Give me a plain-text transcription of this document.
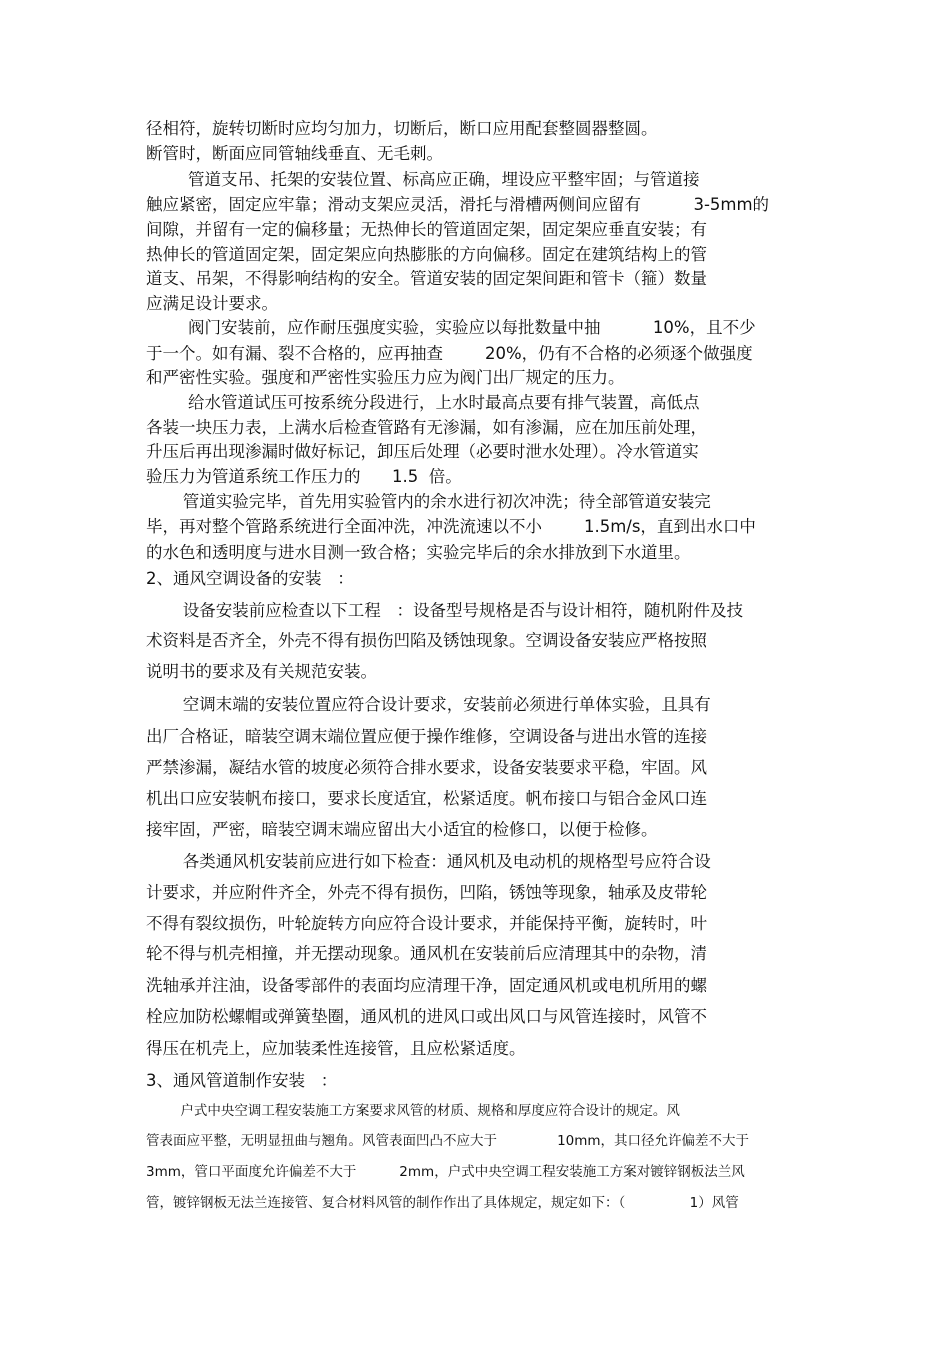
径相符，旋转切断时应均匀加力，切断后，断口应用配套整圆器整圆。
断管时，断面应同管轴线垂直、无毛刺。
管道支吊、托架的安装位置、标高应正确，埋设应平整牢固；与管道接
触应紧密，固定应牢靠；滑动支架应灵活，滑托与滑槽两侧间应留有          3-5mm的
间隙，并留有一定的偏移量；无热伸长的管道固定架，固定架应垂直安装；有
热伸长的管道固定架，固定架应向热膨胀的方向偏移。固定在建筑结构上的管
道支、吊架，不得影响结构的安全。管道安装的固定架间距和管卡（箍）数量
应满足设计要求。
阀门安装前，应作耐压强度实验，实验应以每批数量中抽          10%，且不少
于一个。如有漏、裂不合格的，应再抽查        20%，仍有不合格的必须逐个做强度
和严密性实验。强度和严密性实验压力应为阀门出厂规定的压力。
给水管道试压可按系统分段进行，上水时最高点要有排气装置，高低点
各装一块压力表，上满水后检查管路有无渗漏，如有渗漏，应在加压前处理，
升压后再出现渗漏时做好标记，卸压后处理（必要时泄水处理）。冷水管道实
验压力为管道系统工作压力的      1.5  倍。
管道实验完毕，首先用实验管内的余水进行初次冲洗；待全部管道安装完
毕，再对整个管路系统进行全面冲洗，冲洗流速以不小        1.5m/s，直到出水口中
的水色和透明度与进水目测一致合格；实验完毕后的余水排放到下水道里。
2、通风空调设备的安装   ：
设备安装前应检查以下工程   ：设备型号规格是否与设计相符，随机附件及技
术资料是否齐全，外壳不得有损伤凹陷及锈蚀现象。空调设备安装应严格按照
说明书的要求及有关规范安装。
空调末端的安装位置应符合设计要求，安装前必须进行单体实验，且具有
出厂合格证，暗装空调末端位置应便于操作维修，空调设备与进出水管的连接
严禁渗漏，凝结水管的坡度必须符合排水要求，设备安装要求平稳，牢固。风
机出口应安装帆布接口，要求长度适宜，松紧适度。帆布接口与铝合金风口连
接牢固，严密，暗装空调末端应留出大小适宜的检修口，以便于检修。
各类通风机安装前应进行如下检查：通风机及电动机的规格型号应符合设
计要求，并应附件齐全，外壳不得有损伤，凹陷，锈蚀等现象，轴承及皮带轮
不得有裂纹损伤，叶轮旋转方向应符合设计要求，并能保持平衡，旋转时，叶
轮不得与机壳相撞，并无摆动现象。通风机在安装前后应清理其中的杂物，清
洗轴承并注油，设备零部件的表面均应清理干净，固定通风机或电机所用的螺
栓应加防松螺帽或弹簧垫圈，通风机的进风口或出风口与风管连接时，风管不
得压在机壳上，应加装柔性连接管，且应松紧适度。
3、通风管道制作安装   ：
户式中央空调工程安装施工方案要求风管的材质、规格和厚度应符合设计的规定。风
管表面应平整，无明显扭曲与翘角。风管表面凹凸不应大于              10mm，其口径允许偏差不大于
3mm，管口平面度允许偏差不大于          2mm，户式中央空调工程安装施工方案对镀锌钢板法兰风
管，镀锌钢板无法兰连接管、复合材料风管的制作作出了具体规定，规定如下：（               1）风管
